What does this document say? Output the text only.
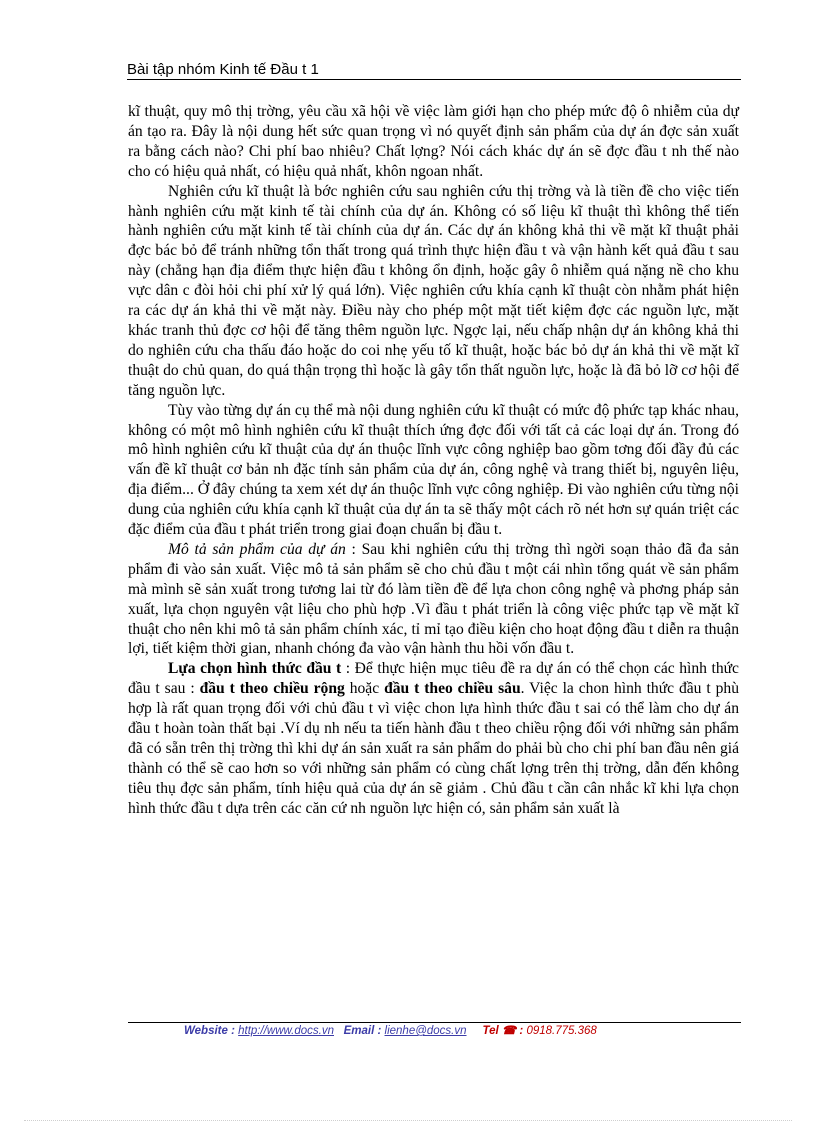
Bài tập nhóm Kinh tế Đầu t 1

kĩ thuật, quy mô thị trờng, yêu cầu xã hội về việc làm giới hạn cho phép mức độ ô nhiễm của dự án tạo ra. Đây là nội dung hết sức quan trọng vì nó quyết định sản phẩm của dự án đợc sản xuất ra bằng cách nào? Chi phí bao nhiêu? Chất lợng? Nói cách khác dự án sẽ đợc đầu t nh thế nào cho có hiệu quả nhất, có hiệu quả nhất, khôn ngoan nhất.

Nghiên cứu kĩ thuật là bớc nghiên cứu sau nghiên cứu thị trờng và là tiền đề cho việc tiến hành nghiên cứu mặt kinh tế tài chính của dự án. Không có số liệu kĩ thuật thì không thể tiến hành nghiên cứu mặt kinh tế tài chính của dự án. Các dự án không khả thi về mặt kĩ thuật phải đợc bác bỏ để tránh những tổn thất trong quá trình thực hiện đầu t và vận hành kết quả đầu t sau này (chẳng hạn địa điểm thực hiện đầu t không ổn định, hoặc gây ô nhiễm quá nặng nề cho khu vực dân c đòi hỏi chi phí xử lý quá lớn). Việc nghiên cứu khía cạnh kĩ thuật còn nhằm phát hiện ra các dự án khả thi về mặt này. Điều này cho phép một mặt tiết kiệm đợc các nguồn lực, mặt khác tranh thủ đợc cơ hội để tăng thêm nguồn lực. Ngợc lại, nếu chấp nhận dự án không khả thi do nghiên cứu cha thấu đáo hoặc do coi nhẹ yếu tố kĩ thuật, hoặc bác bỏ dự án khả thi về mặt kĩ thuật do chủ quan, do quá thận trọng thì hoặc là gây tổn thất nguồn lực, hoặc là đã bỏ lỡ cơ hội để tăng nguồn lực.

Tùy vào từng dự án cụ thể mà nội dung nghiên cứu kĩ thuật có mức độ phức tạp khác nhau, không có một mô hình nghiên cứu kĩ thuật thích ứng đợc đối với tất cả các loại dự án. Trong đó mô hình nghiên cứu kĩ thuật của dự án thuộc lĩnh vực công nghiệp bao gồm tơng đối đầy đủ các vấn đề kĩ thuật cơ bản nh đặc tính sản phẩm của dự án, công nghệ và trang thiết bị, nguyên liệu, địa điểm... Ở đây chúng ta xem xét dự án thuộc lĩnh vực công nghiệp. Đi vào nghiên cứu từng nội dung của nghiên cứu khía cạnh kĩ thuật của dự án ta sẽ thấy một cách rõ nét hơn sự quán triệt các đặc điểm của đầu t phát triển trong giai đoạn chuẩn bị đầu t.

Mô tả sản phẩm của dự án : Sau khi nghiên cứu thị trờng thì ngời soạn thảo đã đa sản phẩm đi vào sản xuất. Việc mô tả sản phẩm sẽ cho chủ đầu t một cái nhìn tổng quát về sản phẩm mà mình sẽ sản xuất trong tương lai từ đó làm tiền đề để lựa chon công nghệ và phơng pháp sản xuất, lựa chọn nguyên vật liệu cho phù hợp .Vì đầu t phát triển là công việc phức tạp về mặt kĩ thuật cho nên khi mô tả sản phẩm chính xác, tỉ mỉ tạo điều kiện cho hoạt động đầu t diễn ra thuận lợi, tiết kiệm thời gian, nhanh chóng đa vào vận hành thu hồi vốn đầu t.

Lựa chọn hình thức đầu t : Để thực hiện mục tiêu đề ra dự án có thể chọn các hình thức đầu t sau : đầu t theo chiều rộng hoặc đầu t theo chiều sâu. Việc la chon hình thức đầu t phù hợp là rất quan trọng đối với chủ đầu t vì việc chon lựa hình thức đầu t sai có thể làm cho dự án đầu t hoàn toàn thất bại .Ví dụ nh nếu ta tiến hành đầu t theo chiều rộng đối với những sản phẩm đã có sẵn trên thị trờng thì khi dự án sản xuất ra sản phẩm do phải bù cho chi phí ban đầu nên giá thành có thể sẽ cao hơn so với những sản phẩm có cùng chất lợng trên thị trờng, dẫn đến không tiêu thụ đợc sản phẩm, tính hiệu quả của dự án sẽ giảm . Chủ đầu t cần cân nhắc kĩ khi lựa chọn hình thức đầu t dựa trên các căn cứ nh nguồn lực hiện có, sản phẩm sản xuất là

Website : http://www.docs.vn Email : lienhe@docs.vn Tel ☎ : 0918.775.368
